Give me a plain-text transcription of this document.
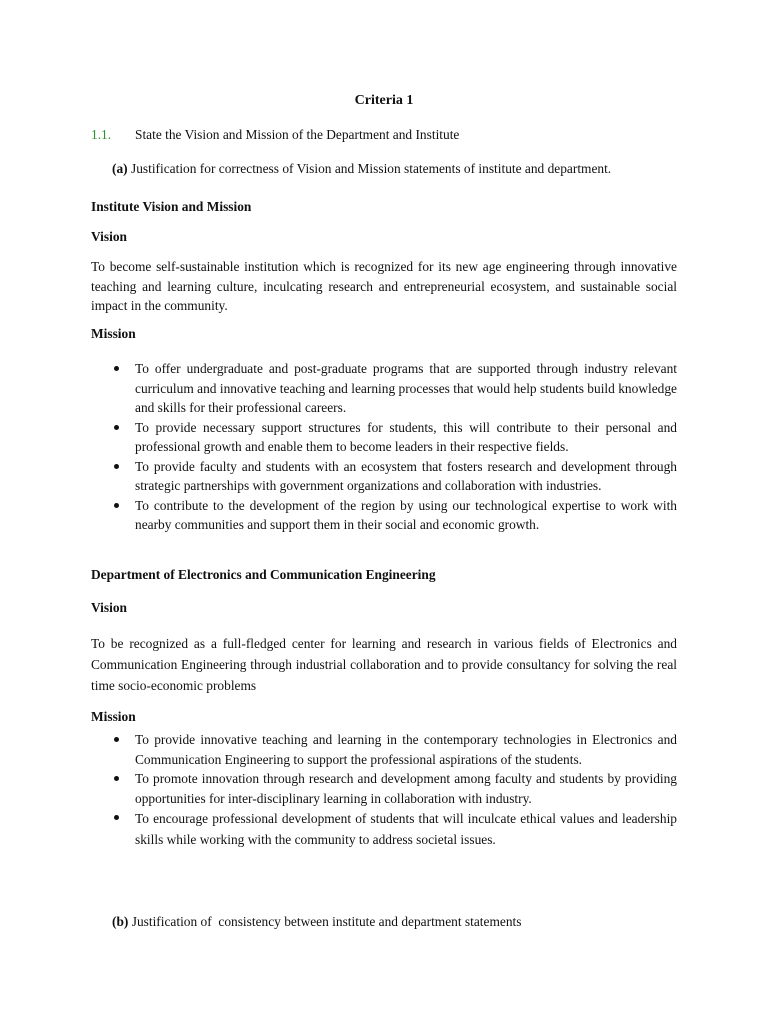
Criteria 1

1.1. State the Vision and Mission of the Department and Institute
(a) Justification for correctness of Vision and Mission statements of institute and department.

Institute Vision and Mission

Vision

To become self-sustainable institution which is recognized for its new age engineering through innovative teaching and learning culture, inculcating research and entrepreneurial ecosystem, and sustainable social impact in the community.

Mission

To offer undergraduate and post-graduate programs that are supported through industry relevant curriculum and innovative teaching and learning processes that would help students build knowledge and skills for their professional careers.
To provide necessary support structures for students, this will contribute to their personal and professional growth and enable them to become leaders in their respective fields.
To provide faculty and students with an ecosystem that fosters research and development through strategic partnerships with government organizations and collaboration with industries.
To contribute to the development of the region by using our technological expertise to work with nearby communities and support them in their social and economic growth.

Department of Electronics and Communication Engineering

Vision

To be recognized as a full-fledged center for learning and research in various fields of Electronics and Communication Engineering through industrial collaboration and to provide consultancy for solving the real time socio-economic problems

Mission

To provide innovative teaching and learning in the contemporary technologies in Electronics and Communication Engineering to support the professional aspirations of the students.
To promote innovation through research and development among faculty and students by providing opportunities for inter-disciplinary learning in collaboration with industry.
To encourage professional development of students that will inculcate ethical values and leadership skills while working with the community to address societal issues.
(b) Justification of  consistency between institute and department statements
